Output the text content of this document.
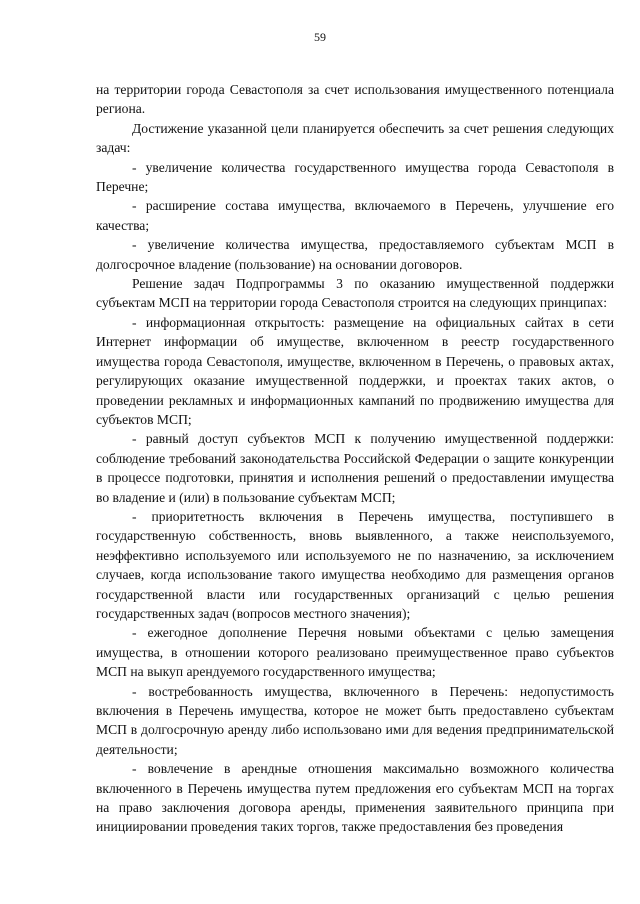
59

на территории города Севастополя за счет использования имущественного потенциала региона.

Достижение указанной цели планируется обеспечить за счет решения следующих задач:

- увеличение количества государственного имущества города Севастополя в Перечне;

- расширение состава имущества, включаемого в Перечень, улучшение его качества;

- увеличение количества имущества, предоставляемого субъектам МСП в долгосрочное владение (пользование) на основании договоров.

Решение задач Подпрограммы 3 по оказанию имущественной поддержки субъектам МСП на территории города Севастополя строится на следующих принципах:

- информационная открытость: размещение на официальных сайтах в сети Интернет информации об имуществе, включенном в реестр государственного имущества города Севастополя, имуществе, включенном в Перечень, о правовых актах, регулирующих оказание имущественной поддержки, и проектах таких актов, о проведении рекламных и информационных кампаний по продвижению имущества для субъектов МСП;

- равный доступ субъектов МСП к получению имущественной поддержки: соблюдение требований законодательства Российской Федерации о защите конкуренции в процессе подготовки, принятия и исполнения решений о предоставлении имущества во владение и (или) в пользование субъектам МСП;

- приоритетность включения в Перечень имущества, поступившего в государственную собственность, вновь выявленного, а также неиспользуемого, неэффективно используемого или используемого не по назначению, за исключением случаев, когда использование такого имущества необходимо для размещения органов государственной власти или государственных организаций с целью решения государственных задач (вопросов местного значения);

- ежегодное дополнение Перечня новыми объектами с целью замещения имущества, в отношении которого реализовано преимущественное право субъектов МСП на выкуп арендуемого государственного имущества;

- востребованность имущества, включенного в Перечень: недопустимость включения в Перечень имущества, которое не может быть предоставлено субъектам МСП в долгосрочную аренду либо использовано ими для ведения предпринимательской деятельности;

- вовлечение в арендные отношения максимально возможного количества включенного в Перечень имущества путем предложения его субъектам МСП на торгах на право заключения договора аренды, применения заявительного принципа при инициировании проведения таких торгов, также предоставления без проведения
